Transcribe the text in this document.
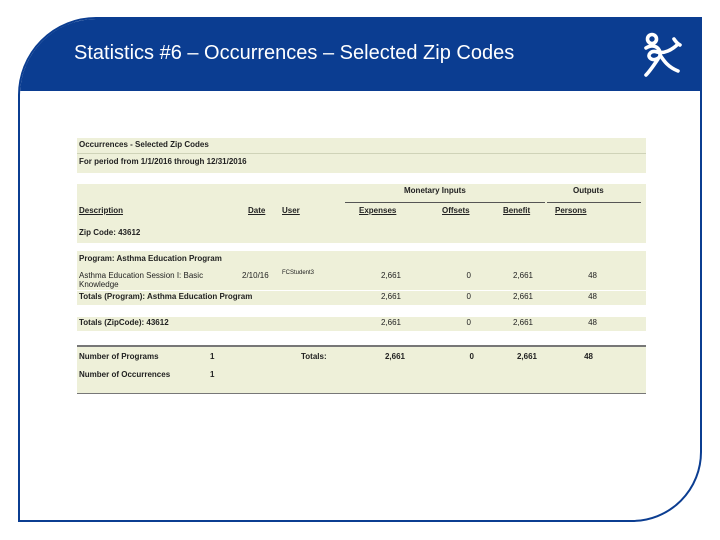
Statistics #6 – Occurrences – Selected Zip Codes
Occurrences - Selected Zip Codes
For period from 1/1/2016 through 12/31/2016
Monetary Inputs	Outputs
Description	Date User	Expenses	Offsets	Benefit	Persons
Zip Code: 43612
Program: Asthma Education Program
Asthma Education Session I: Basic
Knowledge
2/10/16 FCStudent3	2,661	0	2,661	48
Totals (Program): Asthma Education Program	2,661	0	2,661	48
Totals (ZipCode): 43612	2,661	0	2,661	48
Number of Programs	1	Totals:	2,661	0	2,661	48
Number of Occurrences	1
